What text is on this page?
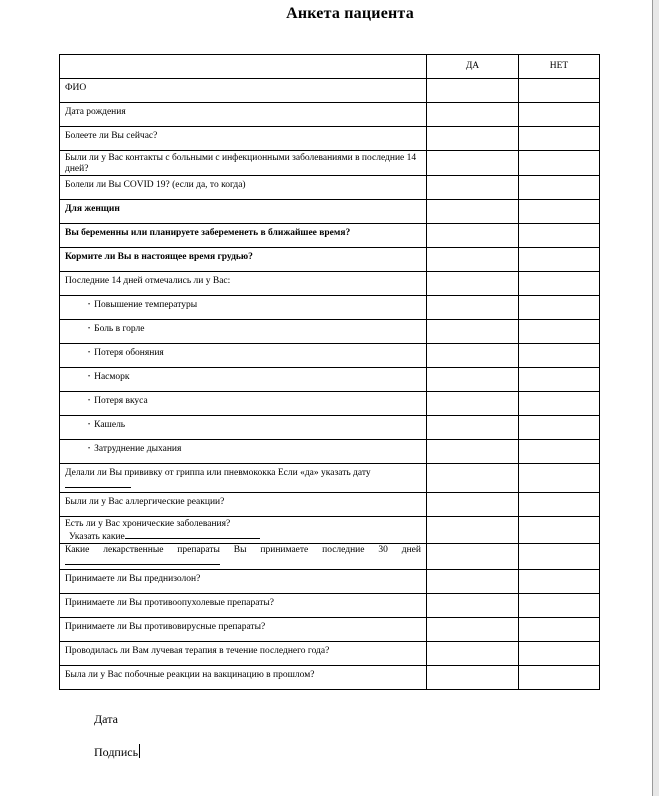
Анкета пациента
	ДА	НЕТ

ФИО		

Дата рождения		

Болеете ли Вы сейчас?		

Были ли у Вас контакты с больными с инфекционными заболеваниями в последние 14 дней?		

Болели ли Вы COVID 19? (если да, то когда)		

Для женщин		

Вы беременны или планируете забеременеть в ближайшее время?		

Кормите ли Вы в настоящее время грудью?		

Последние 14 дней отмечались ли у Вас:		

• Повышение температуры

• Боль в горле

• Потеря обоняния

• Насморк

• Потеря вкуса

• Кашель

• Затруднение дыхания

Делали ли Вы прививку от гриппа или пневмококка Если «да» указать дату		

Были ли у Вас аллергические реакции?		

Есть ли у Вас хронические заболевания?
Указать какие		

Какие лекарственные препараты Вы принимаете последние 30 дней		

Принимаете ли Вы преднизолон?		

Принимаете ли Вы противоопухолевые препараты?		

Принимаете ли Вы противовирусные препараты?		

Проводилась ли Вам лучевая терапия в течение последнего года?		

Была ли у Вас побочные реакции на вакцинацию в прошлом?		

Дата
Подпись
